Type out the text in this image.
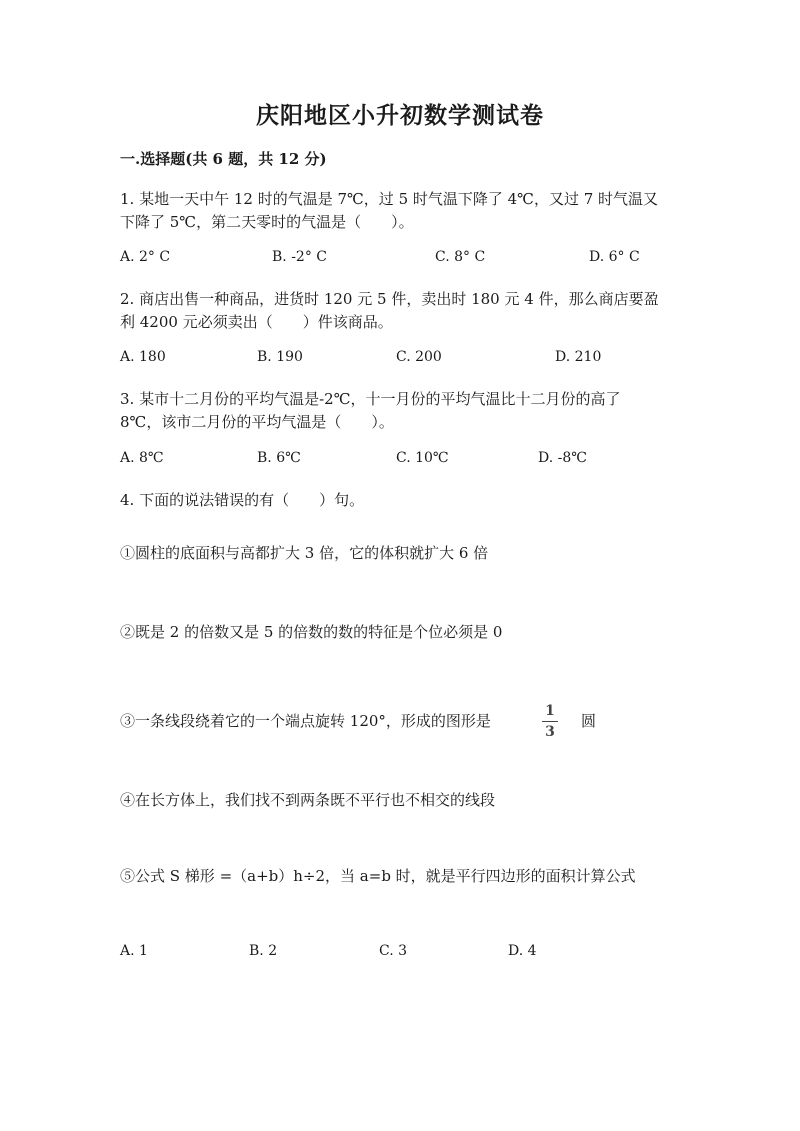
庆阳地区小升初数学测试卷
一.选择题(共 6 题，共 12 分)
1. 某地一天中午 12 时的气温是 7℃，过 5 时气温下降了 4℃，又过 7 时气温又
下降了 5℃，第二天零时的气温是（　　）。
A. 2° C	B. -2° C	C. 8° C	D. 6° C
2. 商店出售一种商品，进货时 120 元 5 件，卖出时 180 元 4 件，那么商店要盈
利 4200 元必须卖出（　　）件该商品。
A. 180	B. 190	C. 200	D. 210
3. 某市十二月份的平均气温是-2℃，十一月份的平均气温比十二月份的高了
8℃，该市二月份的平均气温是（　　）。
A. 8℃	B. 6℃	C. 10℃	D. -8℃
4. 下面的说法错误的有（　　）句。
①圆柱的底面积与高都扩大 3 倍，它的体积就扩大 6 倍
②既是 2 的倍数又是 5 的倍数的数的特征是个位必须是 0
③一条线段绕着它的一个端点旋转 120°，形成的图形是
1
3
圆
④在长方体上，我们找不到两条既不平行也不相交的线段
⑤公式 S 梯形 =（a+b）h÷2，当 a=b 时，就是平行四边形的面积计算公式
A. 1	B. 2	C. 3	D. 4
